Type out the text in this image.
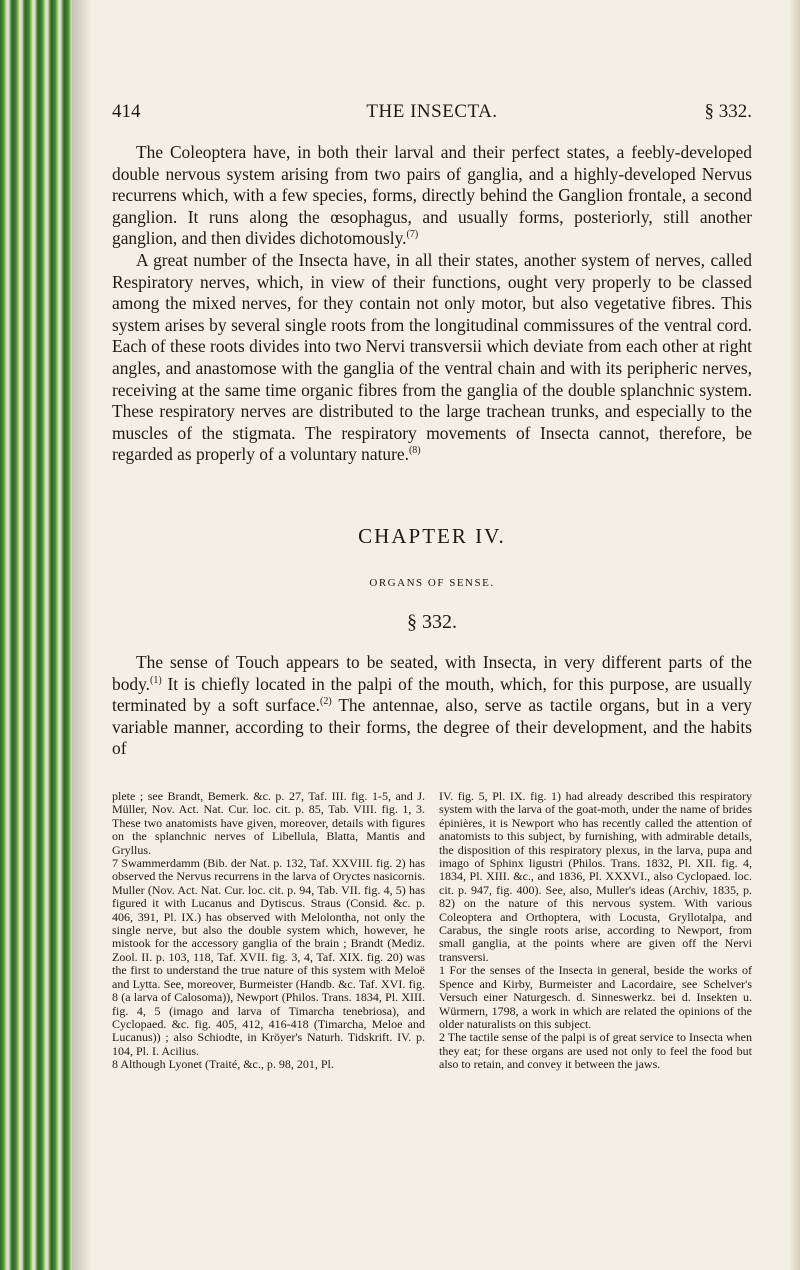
414	THE INSECTA.	§ 332.

The Coleoptera have, in both their larval and their perfect states, a feebly-developed double nervous system arising from two pairs of ganglia, and a highly-developed Nervus recurrens which, with a few species, forms, directly behind the Ganglion frontale, a second ganglion. It runs along the œsophagus, and usually forms, posteriorly, still another ganglion, and then divides dichotomously.$^{(7)}$

A great number of the Insecta have, in all their states, another system of nerves, called Respiratory nerves, which, in view of their functions, ought very properly to be classed among the mixed nerves, for they contain not only motor, but also vegetative fibres. This system arises by several single roots from the longitudinal commissures of the ventral cord. Each of these roots divides into two Nervi transversii which deviate from each other at right angles, and anastomose with the ganglia of the ventral chain and with its peripheric nerves, receiving at the same time organic fibres from the ganglia of the double splanchnic system. These respiratory nerves are distributed to the large trachean trunks, and especially to the muscles of the stigmata. The respiratory movements of Insecta cannot, therefore, be regarded as properly of a voluntary nature.$^{(8)}$

CHAPTER IV.
ORGANS OF SENSE.
§ 332.

The sense of Touch appears to be seated, with Insecta, in very different parts of the body.$^{(1)}$ It is chiefly located in the palpi of the mouth, which, for this purpose, are usually terminated by a soft surface.$^{(2)}$ The antennae, also, serve as tactile organs, but in a very variable manner, according to their forms, the degree of their development, and the habits of

plete ; see Brandt, Bemerk. &c. p. 27, Taf. III. fig. 1-5, and J. Müller, Nov. Act. Nat. Cur. loc. cit. p. 85, Tab. VIII. fig. 1, 3. These two anatomists have given, moreover, details with figures on the splanchnic nerves of Libellula, Blatta, Mantis and Gryllus.

7 Swammerdamm (Bib. der Nat. p. 132, Taf. XXVIII. fig. 2) has observed the Nervus recurrens in the larva of Oryctes nasicornis. Muller (Nov. Act. Nat. Cur. loc. cit. p. 94, Tab. VII. fig. 4, 5) has figured it with Lucanus and Dytiscus. Straus (Consid. &c. p. 406, 391, Pl. IX.) has observed with Melolontha, not only the single nerve, but also the double system which, however, he mistook for the accessory ganglia of the brain ; Brandt (Mediz. Zool. II. p. 103, 118, Taf. XVII. fig. 3, 4, Taf. XIX. fig. 20) was the first to understand the true nature of this system with Meloë and Lytta. See, moreover, Burmeister (Handb. &c. Taf. XVI. fig. 8 (a larva of Calosoma)), Newport (Philos. Trans. 1834, Pl. XIII. fig. 4, 5 (imago and larva of Timarcha tenebriosa), and Cyclopaed. &c. fig. 405, 412, 416-418 (Timarcha, Meloe and Lucanus)) ; also Schiodte, in Kröyer's Naturh. Tidskrift. IV. p. 104, Pl. I. Acilius.

8 Although Lyonet (Traité, &c., p. 98, 201, Pl.

IV. fig. 5, Pl. IX. fig. 1) had already described this respiratory system with the larva of the goat-moth, under the name of brides épinières, it is Newport who has recently called the attention of anatomists to this subject, by furnishing, with admirable details, the disposition of this respiratory plexus, in the larva, pupa and imago of Sphinx ligustri (Philos. Trans. 1832, Pl. XII. fig. 4, 1834, Pl. XIII. &c., and 1836, Pl. XXXVI., also Cyclopaed. loc. cit. p. 947, fig. 400). See, also, Muller's ideas (Archiv, 1835, p. 82) on the nature of this nervous system. With various Coleoptera and Orthoptera, with Locusta, Gryllotalpa, and Carabus, the single roots arise, according to Newport, from small ganglia, at the points where are given off the Nervi transversi.

1 For the senses of the Insecta in general, beside the works of Spence and Kirby, Burmeister and Lacordaire, see Schelver's Versuch einer Naturgesch. d. Sinneswerkz. bei d. Insekten u. Würmern, 1798, a work in which are related the opinions of the older naturalists on this subject.

2 The tactile sense of the palpi is of great service to Insecta when they eat; for these organs are used not only to feel the food but also to retain, and convey it between the jaws.
